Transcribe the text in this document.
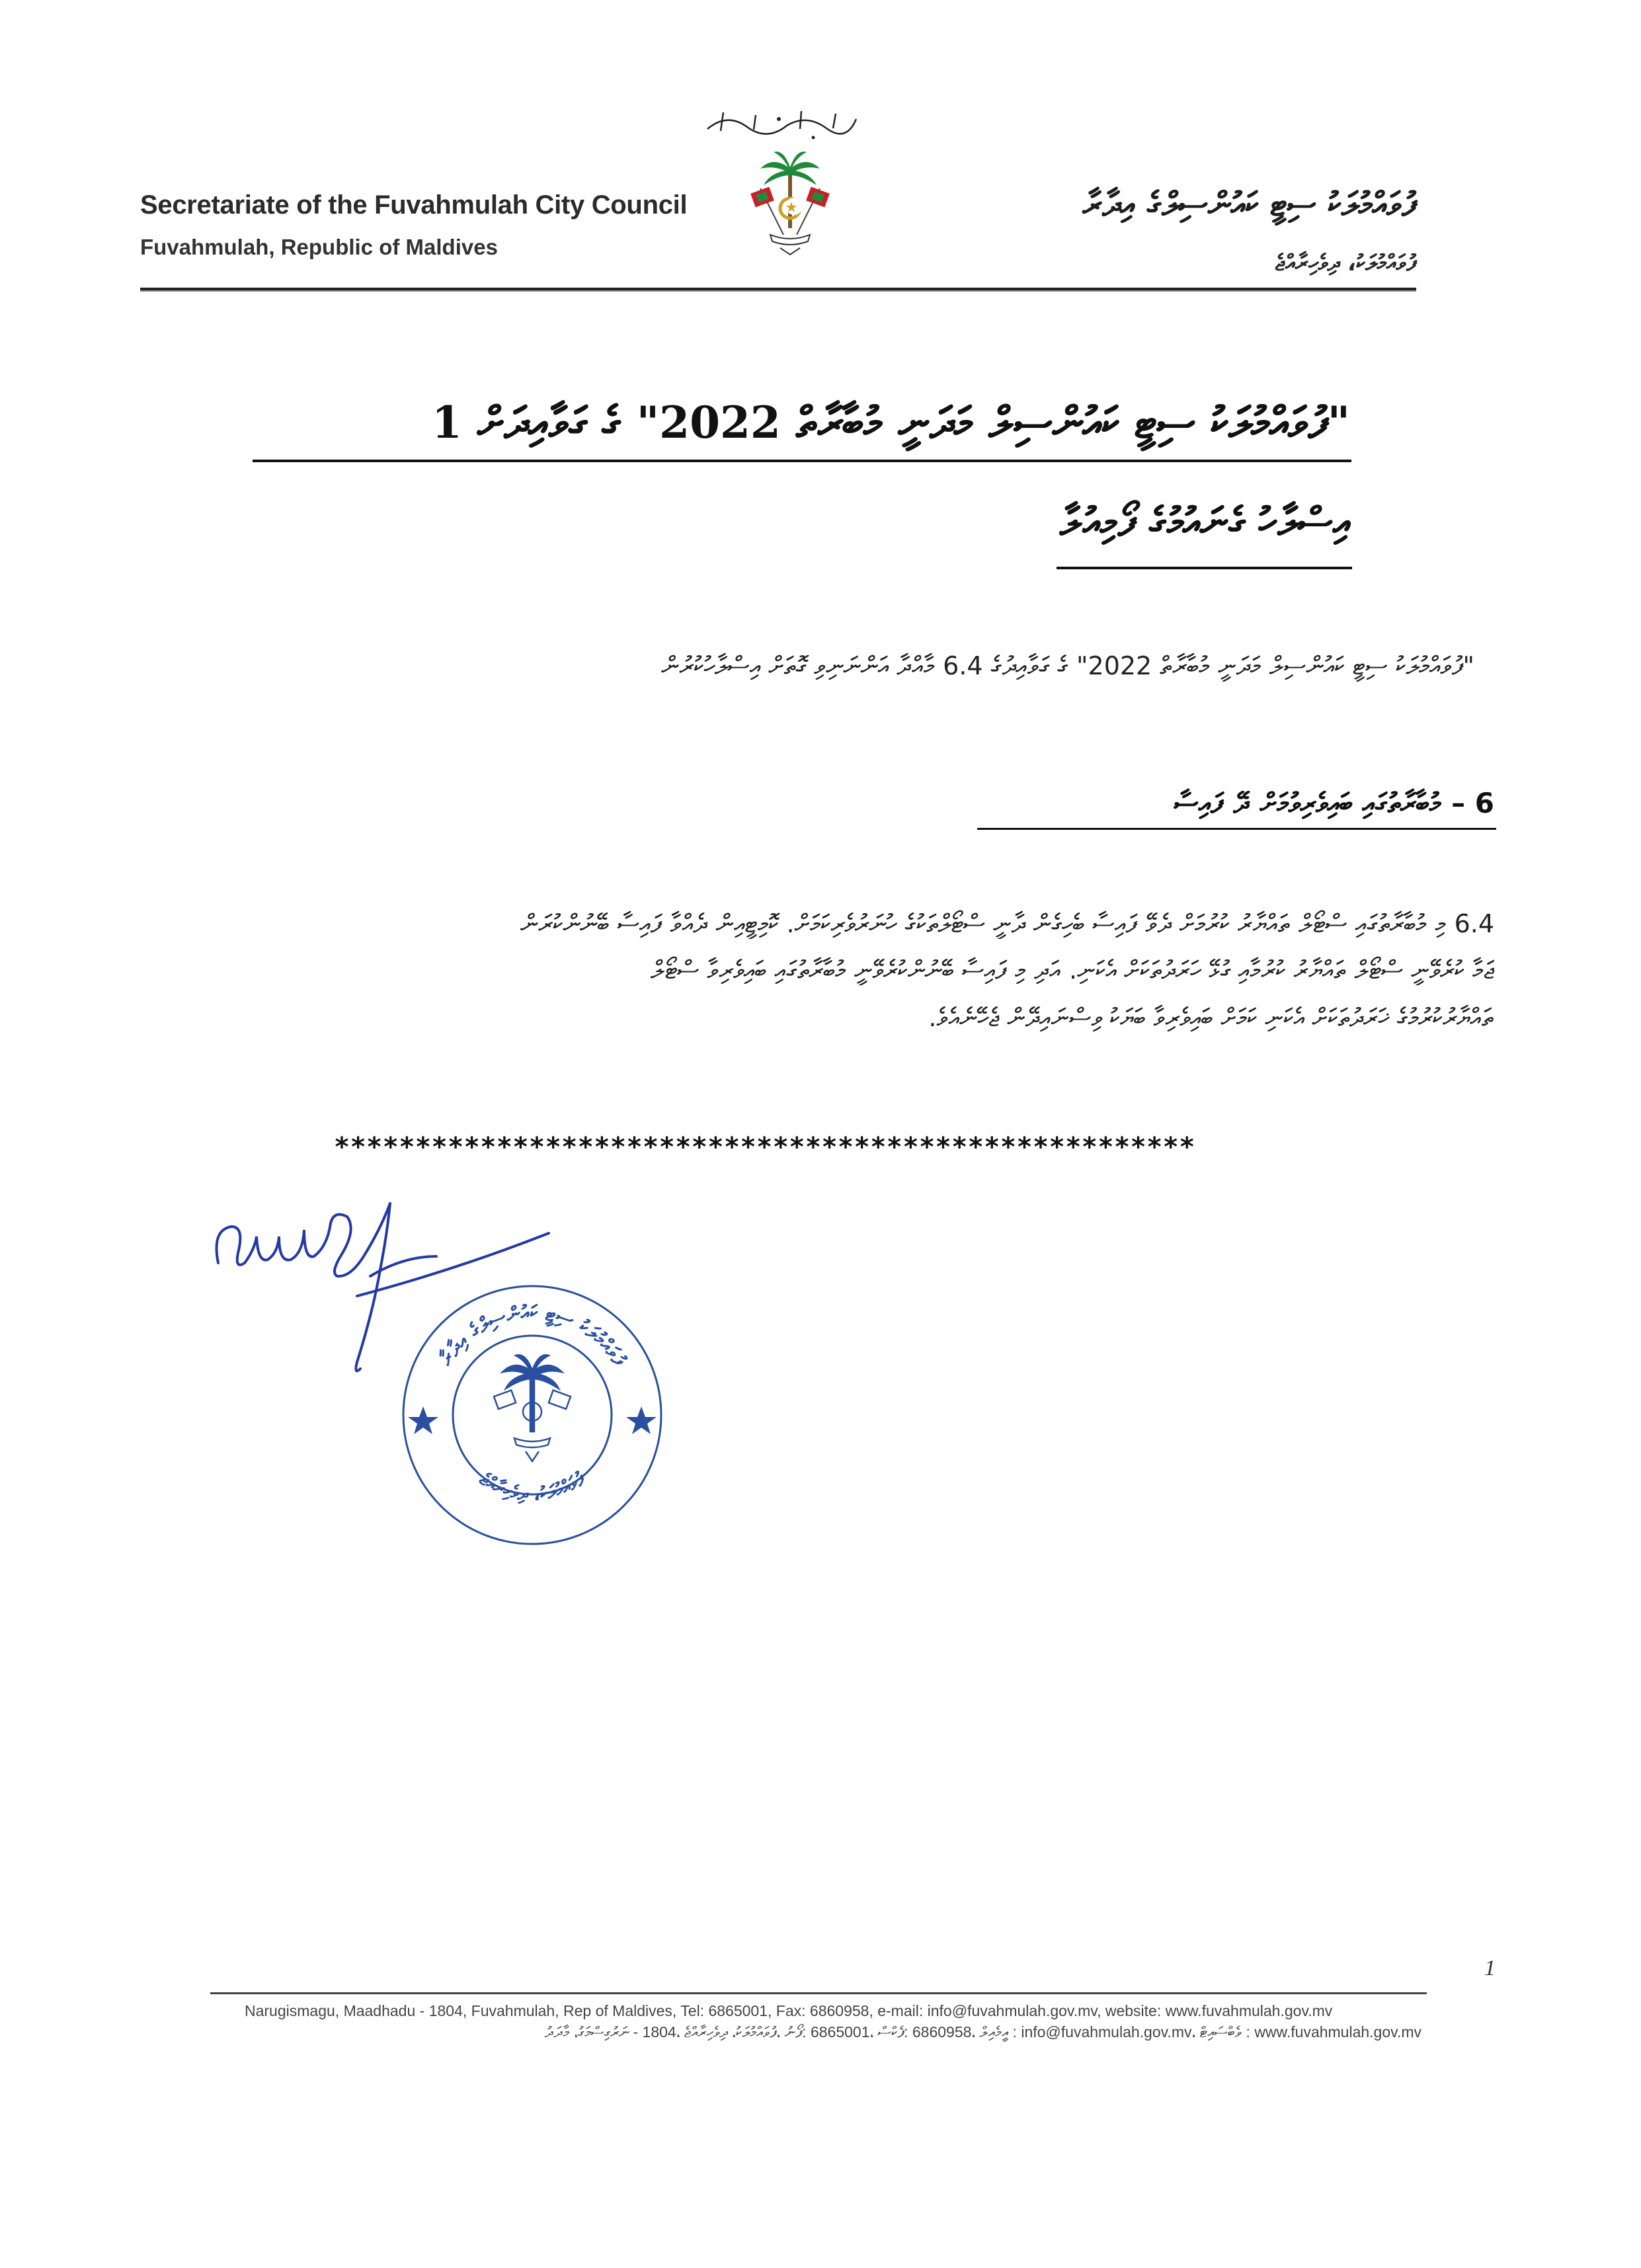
Secretariate of the Fuvahmulah City Council
Fuvahmulah, Republic of Maldives
ފުވައްމުލަކު ސިޓީ ކައުންސިލްގެ އިދާރާ
ފުވައްމުލަކު، ދިވެހިރާއްޖެ
"ފުވައްމުލަކު ސިޓީ ކައުންސިލް މަދަނީ މުބާރާތް 2022" ގެ ގަވާއިދަށް 1
އިސްލާހު ގެނައުމުގެ ފޯމިއުލާ
"ފުވައްމުލަކު ސިޓީ ކައުންސިލް މަދަނީ މުބާރާތް 2022" ގެ ގަވާއިދުގެ 6.4 މާއްދާ އަންނަނިވި ގޮތަށް އިސްލާހުކުރުން
6 – މުބާރާތުގައި ބައިވެރިވުމަށް ދޭ ފައިސާ
6.4 މި މުބާރާތުގައި ސްޓޯލް ތައްޔާރު ކުރުމަށް ދެވޭ ފައިސާ ބެހިގެން ދާނީ ސްޓޯލްތަކުގެ ހުނަރުވެރިކަމަށް. ކޮމިޓީއިން ދެއްވާ ފައިސާ ބޭނުންކުރަން
ޖަމާ ކުރެވޭނީ ސްޓޯލް ތައްޔާރު ކުރުމާއި ގުޅޭ ހަރަދުތަކަށް އެކަނި. އަދި މި ފައިސާ ބޭނުންކުރެވޭނީ މުބާރާތުގައި ބައިވެރިވާ ސްޓޯލް
ތައްޔާރުކުރުމުގެ ޚަރަދުތަކަށް އެކަނި ކަމަށް ބައިވެރިވާ ބަޔަކު ވިސްނައިދޭން ޖެހޭނެއެވެ.
*****************************************************
ފުވައްމުލަކު ސިޓީ ކައުންސިލްގެ އިދާރާ
ފުވައްމުލަކު، ދިވެހިރާއްޖެ
1
Narugismagu, Maadhadu - 1804, Fuvahmulah, Rep of Maldives, Tel: 6865001, Fax: 6860958, e-mail: info@fuvahmulah.gov.mv, website: www.fuvahmulah.gov.mv
www.fuvahmulah.gov.mv : ވެބްސައިޓް ،info@fuvahmulah.gov.mv : އީމެއިލް ،6860958 :ފެކްސް ،6865001 :ފޯނު ،ފުވައްމުލަކު، ދިވެހިރާއްޖެ ،1804 - ނަރުގިސްމަގު، މާދަދު
